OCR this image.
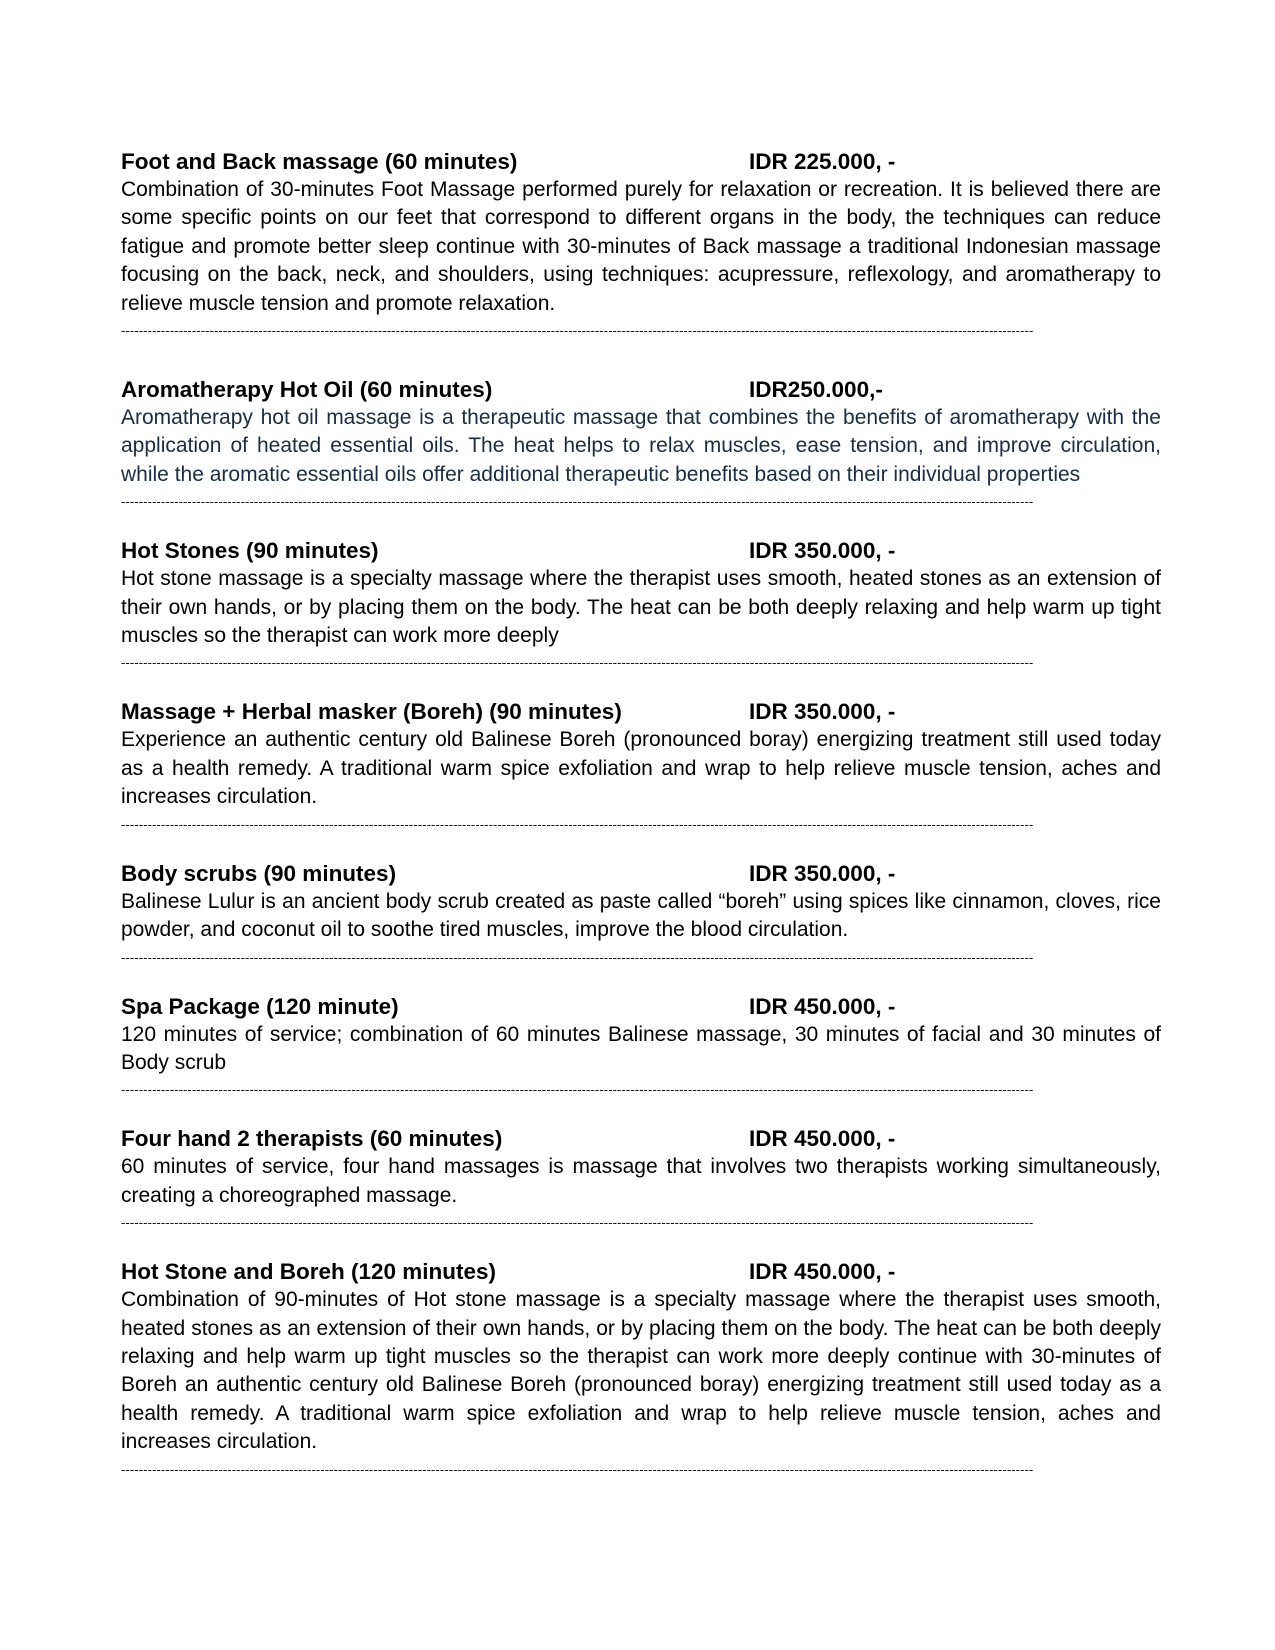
Foot and Back massage (60 minutes)	IDR 225.000, -

Combination of 30-minutes Foot Massage performed purely for relaxation or recreation. It is believed there are some specific points on our feet that correspond to different organs in the body, the techniques can reduce fatigue and promote better sleep continue with 30-minutes of Back massage a traditional Indonesian massage focusing on the back, neck, and shoulders, using techniques: acupressure, reflexology, and aromatherapy to relieve muscle tension and promote relaxation.

--------------------------------------------------------------------------------------------------------------------------------------------------------------------------------------------------------------
Aromatherapy Hot Oil (60 minutes)	IDR250.000,-

Aromatherapy hot oil massage is a therapeutic massage that combines the benefits of aromatherapy with the application of heated essential oils. The heat helps to relax muscles, ease tension, and improve circulation, while the aromatic essential oils offer additional therapeutic benefits based on their individual properties

--------------------------------------------------------------------------------------------------------------------------------------------------------------------------------------------------------------
Hot Stones (90 minutes)	IDR 350.000, -

Hot stone massage is a specialty massage where the therapist uses smooth, heated stones as an extension of their own hands, or by placing them on the body. The heat can be both deeply relaxing and help warm up tight muscles so the therapist can work more deeply

--------------------------------------------------------------------------------------------------------------------------------------------------------------------------------------------------------------
Massage + Herbal masker (Boreh) (90 minutes)	IDR 350.000, -

Experience an authentic century old Balinese Boreh (pronounced boray) energizing treatment still used today as a health remedy. A traditional warm spice exfoliation and wrap to help relieve muscle tension, aches and increases circulation.

--------------------------------------------------------------------------------------------------------------------------------------------------------------------------------------------------------------
Body scrubs (90 minutes)	IDR 350.000, -

Balinese Lulur is an ancient body scrub created as paste called “boreh” using spices like cinnamon, cloves, rice powder, and coconut oil to soothe tired muscles, improve the blood circulation.

--------------------------------------------------------------------------------------------------------------------------------------------------------------------------------------------------------------
Spa Package (120 minute)	IDR 450.000, -

120 minutes of service; combination of 60 minutes Balinese massage, 30 minutes of facial and 30 minutes of Body scrub

--------------------------------------------------------------------------------------------------------------------------------------------------------------------------------------------------------------
Four hand 2 therapists (60 minutes)	IDR 450.000, -

60 minutes of service, four hand massages is massage that involves two therapists working simultaneously, creating a choreographed massage.

--------------------------------------------------------------------------------------------------------------------------------------------------------------------------------------------------------------
Hot Stone and Boreh (120 minutes)	IDR 450.000, -

Combination of 90-minutes of Hot stone massage is a specialty massage where the therapist uses smooth, heated stones as an extension of their own hands, or by placing them on the body. The heat can be both deeply relaxing and help warm up tight muscles so the therapist can work more deeply continue with 30-minutes of Boreh an authentic century old Balinese Boreh (pronounced boray) energizing treatment still used today as a health remedy. A traditional warm spice exfoliation and wrap to help relieve muscle tension, aches and increases circulation.

--------------------------------------------------------------------------------------------------------------------------------------------------------------------------------------------------------------
